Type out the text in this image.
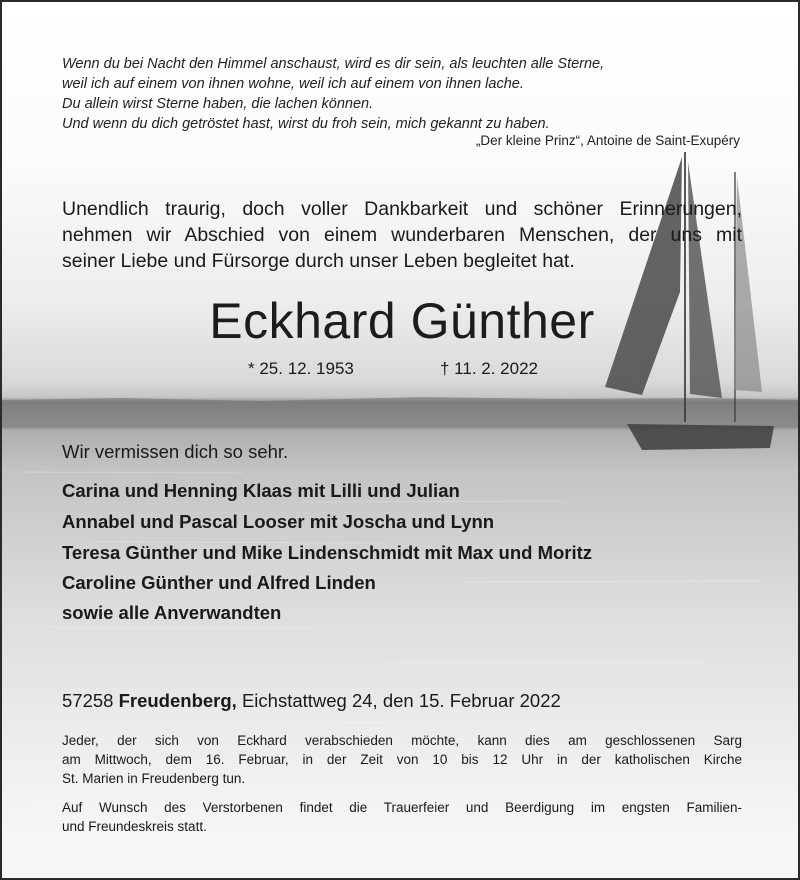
Wenn du bei Nacht den Himmel anschaust, wird es dir sein, als leuchten alle Sterne,
weil ich auf einem von ihnen wohne, weil ich auf einem von ihnen lache.
Du allein wirst Sterne haben, die lachen können.
Und wenn du dich getröstet hast, wirst du froh sein, mich gekannt zu haben.
„Der kleine Prinz“, Antoine de Saint-Exupéry
Unendlich traurig, doch voller Dankbarkeit und schöner Erinnerungen,
nehmen wir Abschied von einem wunderbaren Menschen, der uns mit
seiner Liebe und Fürsorge durch unser Leben begleitet hat.
Eckhard Günther
* 25. 12. 1953	† 11. 2. 2022
Wir vermissen dich so sehr.
Carina und Henning Klaas mit Lilli und Julian
Annabel und Pascal Looser mit Joscha und Lynn
Teresa Günther und Mike Lindenschmidt mit Max und Moritz
Caroline Günther und Alfred Linden
sowie alle Anverwandten
57258 Freudenberg, Eichstattweg 24, den 15. Februar 2022
Jeder, der sich von Eckhard verabschieden möchte, kann dies am geschlossenen Sarg
am Mittwoch, dem 16. Februar, in der Zeit von 10 bis 12 Uhr in der katholischen Kirche
St. Marien in Freudenberg tun.
Auf Wunsch des Verstorbenen findet die Trauerfeier und Beerdigung im engsten Familien-
und Freundeskreis statt.
